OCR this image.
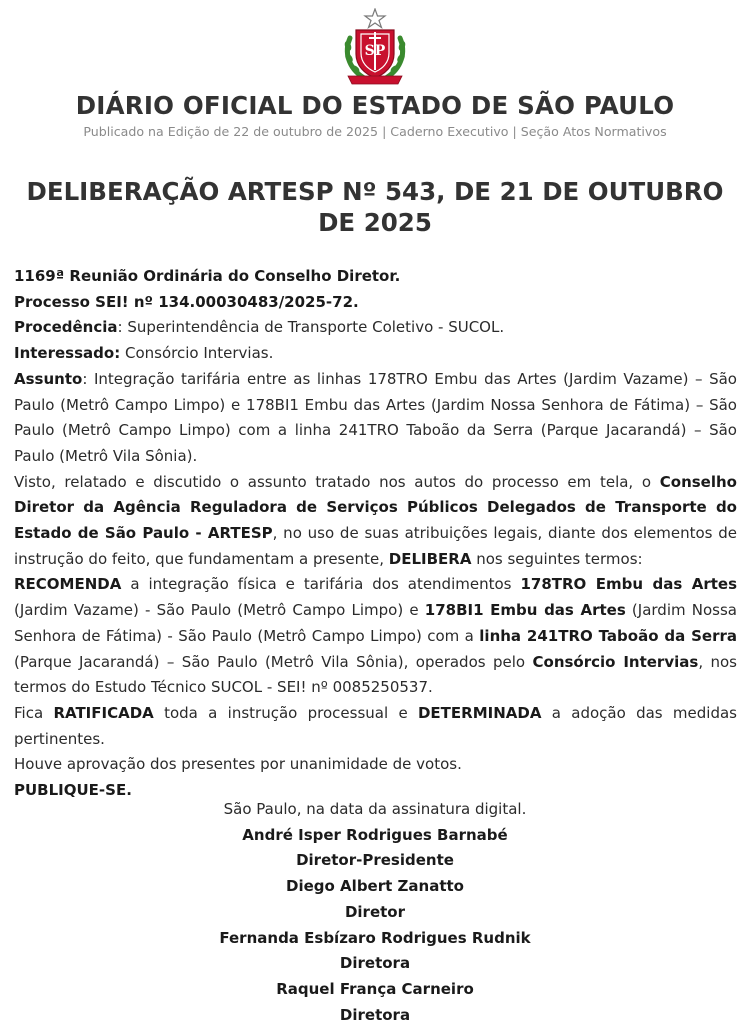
SP
DIÁRIO OFICIAL DO ESTADO DE SÃO PAULO
Publicado na Edição de 22 de outubro de 2025 | Caderno Executivo | Seção Atos Normativos
DELIBERAÇÃO ARTESP Nº 543, DE 21 DE OUTUBRO DE 2025

1169ª Reunião Ordinária do Conselho Diretor.

Processo SEI! nº 134.00030483/2025-72.

Procedência: Superintendência de Transporte Coletivo - SUCOL.

Interessado: Consórcio Intervias.

Assunto: Integração tarifária entre as linhas 178TRO Embu das Artes (Jardim Vazame) – São Paulo (Metrô Campo Limpo) e 178BI1 Embu das Artes (Jardim Nossa Senhora de Fátima) – São Paulo (Metrô Campo Limpo) com a linha 241TRO Taboão da Serra (Parque Jacarandá) – São Paulo (Metrô Vila Sônia).

Visto, relatado e discutido o assunto tratado nos autos do processo em tela, o Conselho Diretor da Agência Reguladora de Serviços Públicos Delegados de Transporte do Estado de São Paulo - ARTESP, no uso de suas atribuições legais, diante dos elementos de instrução do feito, que fundamentam a presente, DELIBERA nos seguintes termos:

RECOMENDA a integração física e tarifária dos atendimentos 178TRO Embu das Artes (Jardim Vazame) - São Paulo (Metrô Campo Limpo) e 178BI1 Embu das Artes (Jardim Nossa Senhora de Fátima) - São Paulo (Metrô Campo Limpo) com a linha 241TRO Taboão da Serra (Parque Jacarandá) – São Paulo (Metrô Vila Sônia), operados pelo Consórcio Intervias, nos termos do Estudo Técnico SUCOL - SEI! nº 0085250537.

Fica RATIFICADA toda a instrução processual e DETERMINADA a adoção das medidas pertinentes.

Houve aprovação dos presentes por unanimidade de votos.

PUBLIQUE-SE.

São Paulo, na data da assinatura digital.
André Isper Rodrigues Barnabé
Diretor-Presidente
Diego Albert Zanatto
Diretor
Fernanda Esbízaro Rodrigues Rudnik
Diretora
Raquel França Carneiro
Diretora
